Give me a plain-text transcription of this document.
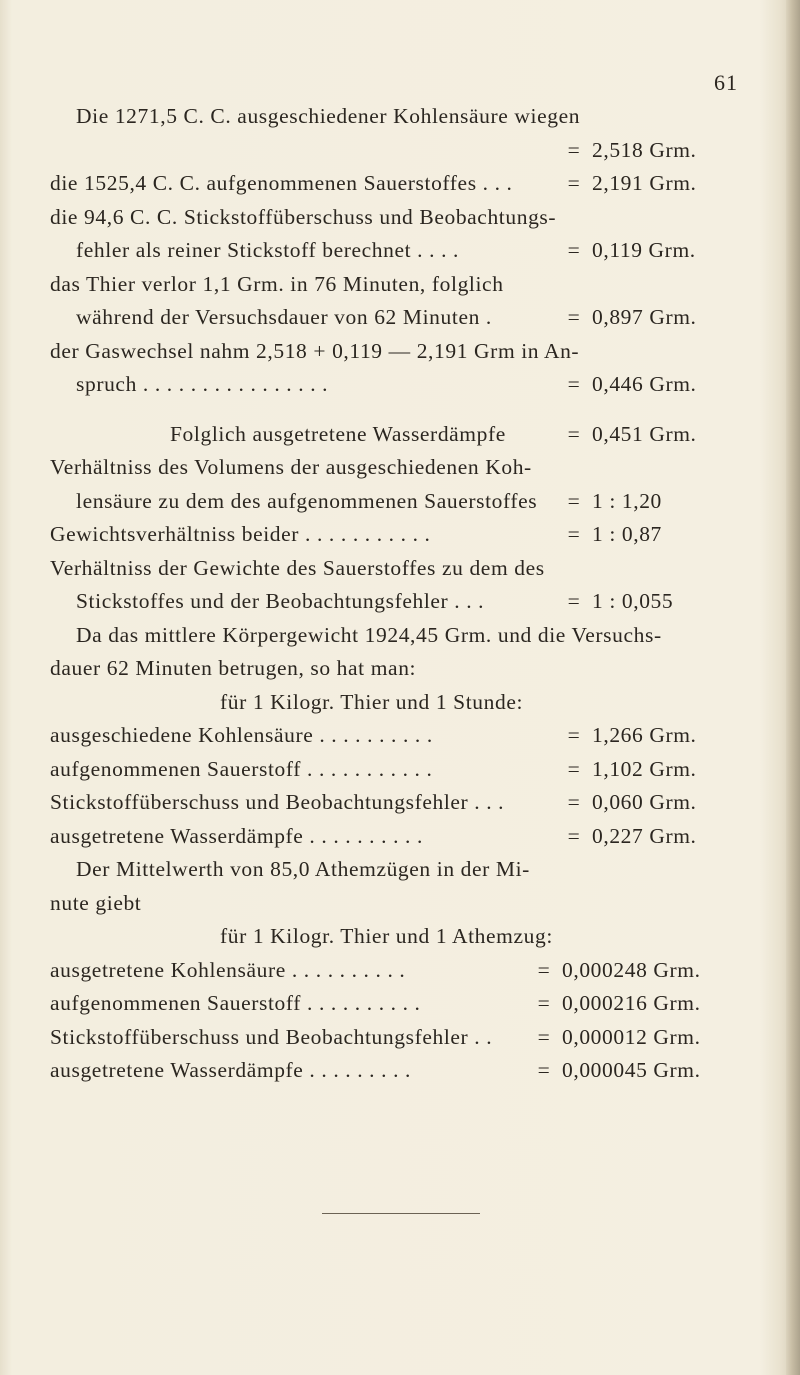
61
Die 1271,5 C. C. ausgeschiedener Kohlensäure wiegen
= 2,518 Grm.
die 1525,4 C. C. aufgenommenen Sauerstoffes . . .	= 2,191 Grm.
die 94,6 C. C. Stickstoffüberschuss und Beobachtungs-
fehler als reiner Stickstoff berechnet . . . .	= 0,119 Grm.
das Thier verlor 1,1 Grm. in 76 Minuten, folglich
während der Versuchsdauer von 62 Minuten .	= 0,897 Grm.
der Gaswechsel nahm 2,518 + 0,119 — 2,191 Grm in An-
spruch . . . . . . . . . . . . . . . .	= 0,446 Grm.
Folglich ausgetretene Wasserdämpfe	= 0,451 Grm.
Verhältniss des Volumens der ausgeschiedenen Koh-
lensäure zu dem des aufgenommenen Sauerstoffes	= 1 : 1,20
Gewichtsverhältniss beider . . . . . . . . . . .	= 1 : 0,87
Verhältniss der Gewichte des Sauerstoffes zu dem des
Stickstoffes und der Beobachtungsfehler . . .	= 1 : 0,055
Da das mittlere Körpergewicht 1924,45 Grm. und die Versuchs-
dauer 62 Minuten betrugen, so hat man:
für 1 Kilogr. Thier und 1 Stunde:
ausgeschiedene Kohlensäure . . . . . . . . . .	= 1,266 Grm.
aufgenommenen Sauerstoff . . . . . . . . . . .	= 1,102 Grm.
Stickstoffüberschuss und Beobachtungsfehler . . .	= 0,060 Grm.
ausgetretene Wasserdämpfe . . . . . . . . . .	= 0,227 Grm.
Der Mittelwerth von 85,0 Athemzügen in der Mi-
nute giebt
für 1 Kilogr. Thier und 1 Athemzug:
ausgetretene Kohlensäure . . . . . . . . . .	= 0,000248 Grm.
aufgenommenen Sauerstoff . . . . . . . . . .	= 0,000216 Grm.
Stickstoffüberschuss und Beobachtungsfehler . .	= 0,000012 Grm.
ausgetretene Wasserdämpfe . . . . . . . . .	= 0,000045 Grm.
